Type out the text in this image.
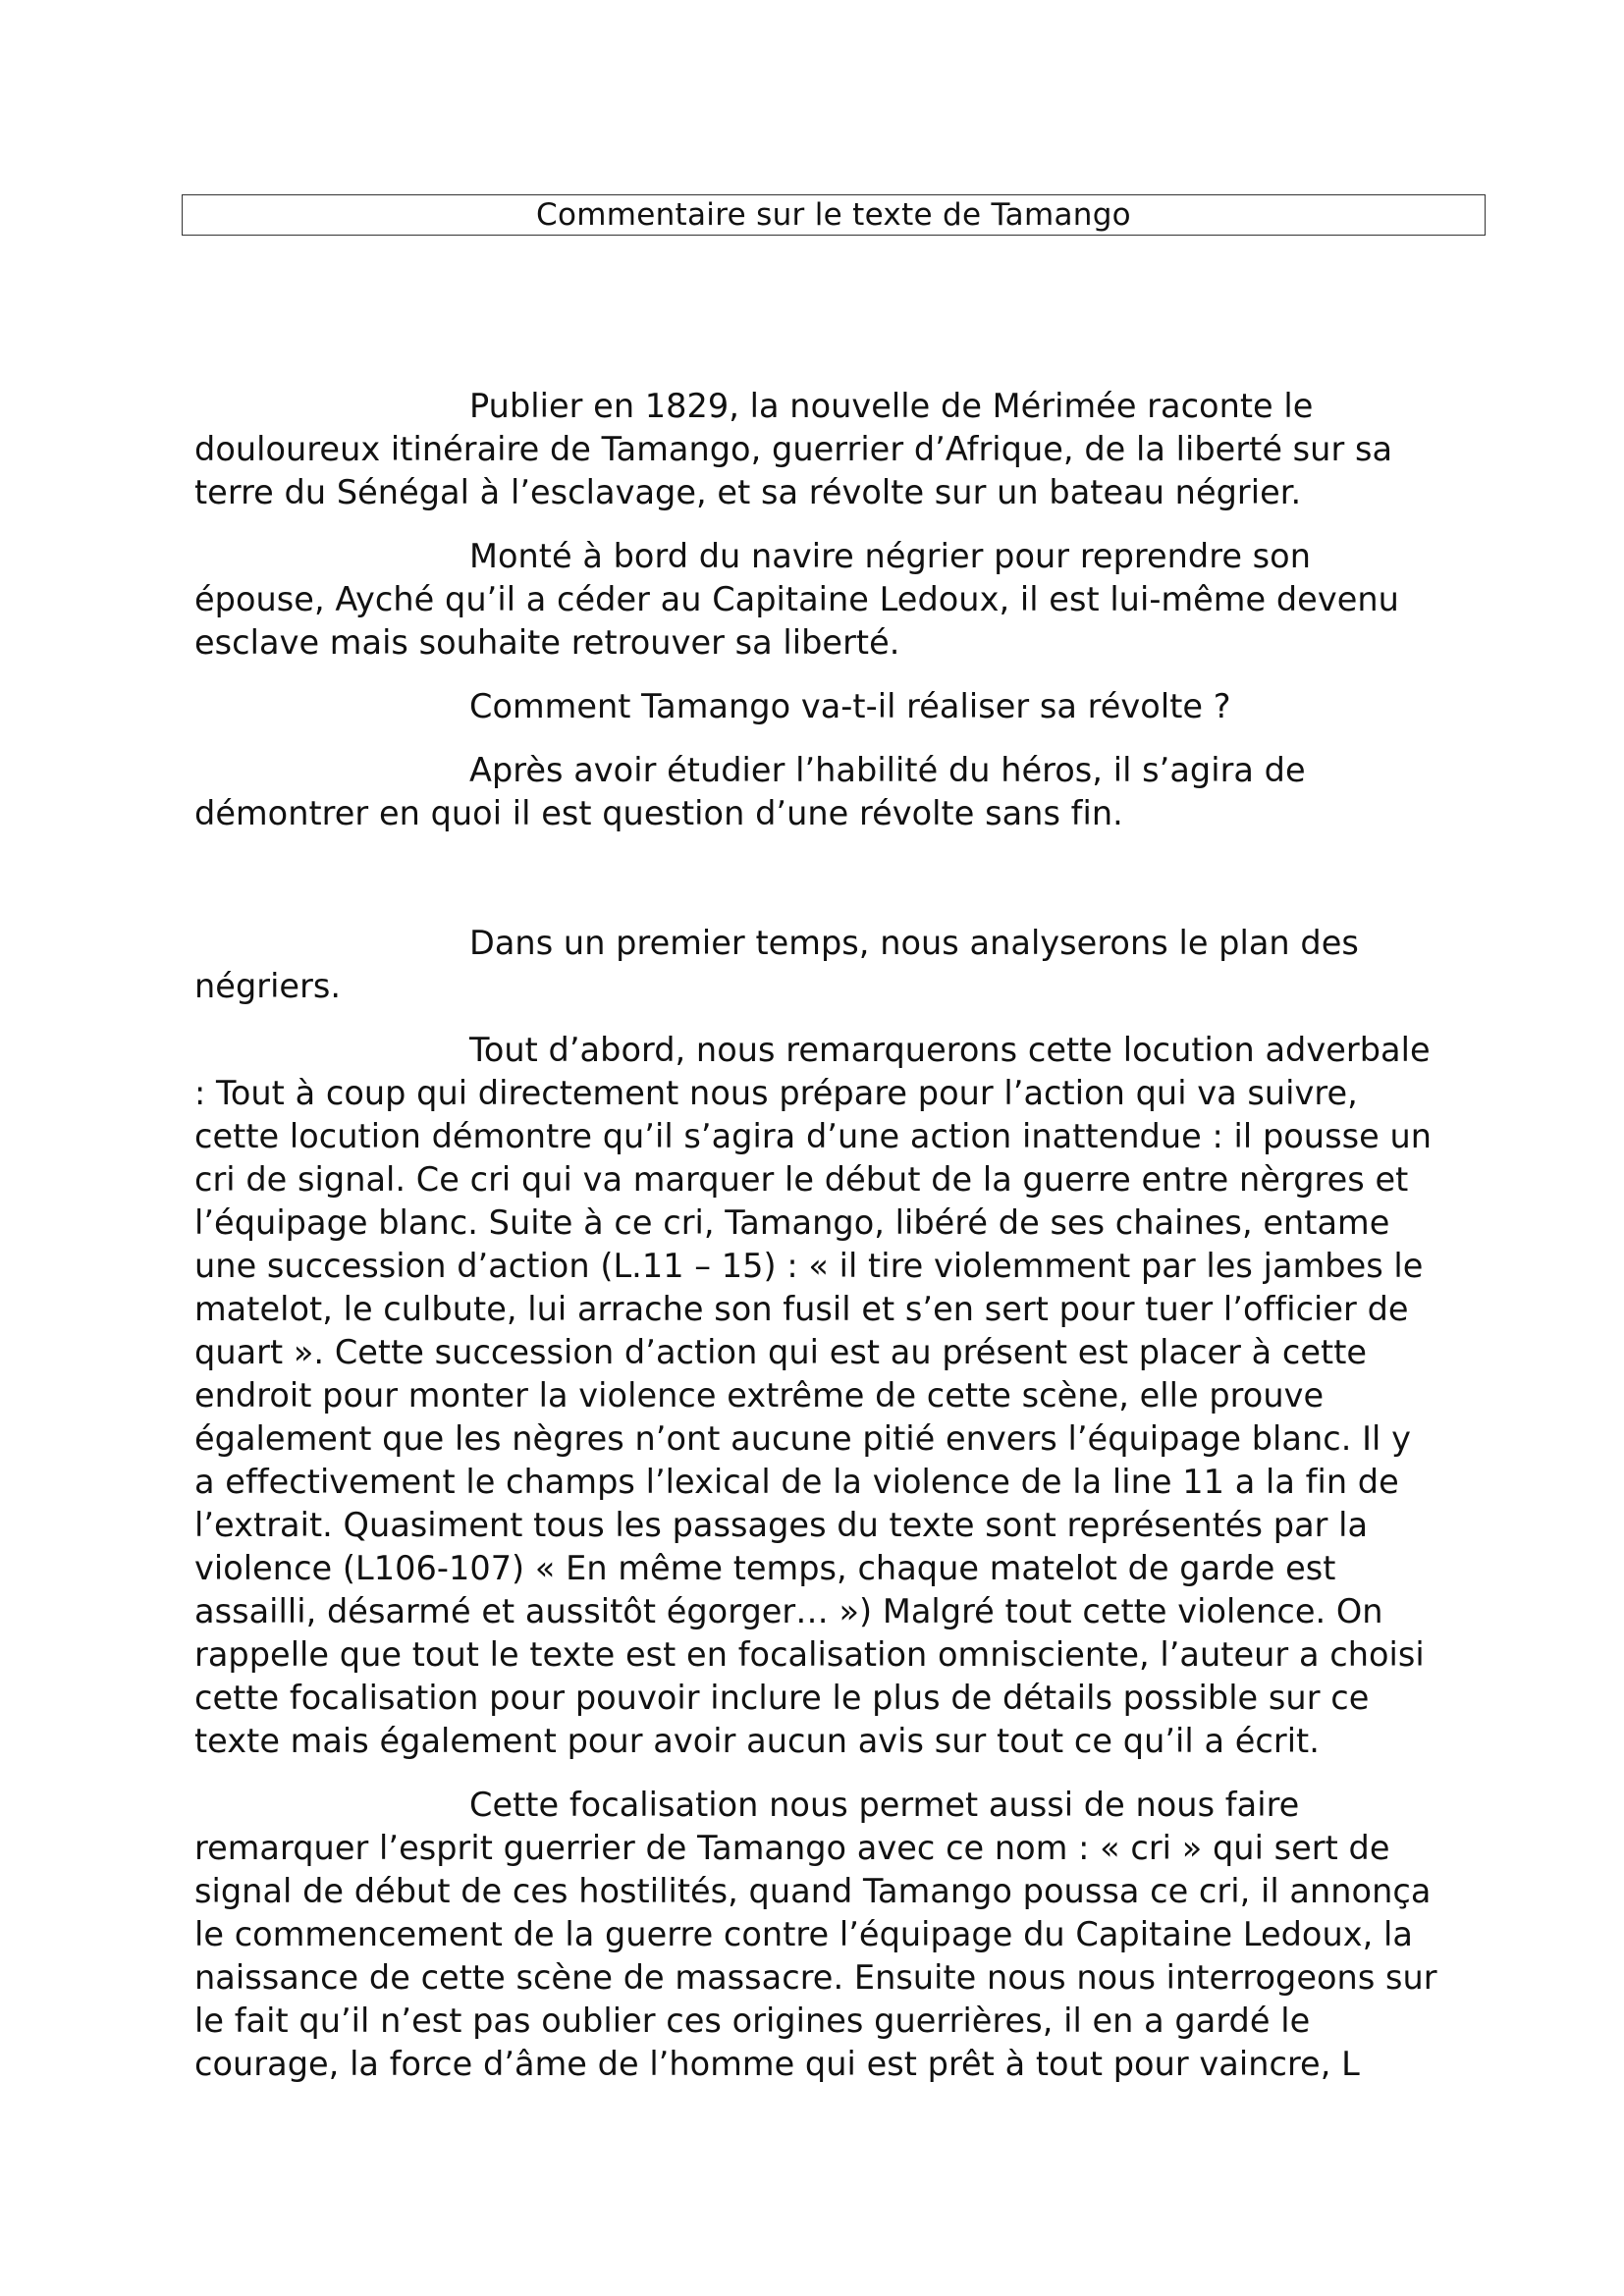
Commentaire sur le texte de Tamango

Publier en 1829, la nouvelle de Mérimée raconte le douloureux itinéraire de Tamango, guerrier d’Afrique, de la liberté sur sa terre du Sénégal à l’esclavage, et sa révolte sur un bateau négrier.

Monté à bord du navire négrier pour reprendre son épouse, Ayché qu’il a céder au Capitaine Ledoux, il est lui-même devenu esclave mais souhaite retrouver sa liberté.

Comment Tamango va-t-il réaliser sa révolte ?

Après avoir étudier l’habilité du héros, il s’agira de démontrer en quoi il est question d’une révolte sans fin.

Dans un premier temps, nous analyserons le plan des négriers.

Tout d’abord, nous remarquerons cette locution adverbale : Tout à coup qui directement nous prépare pour l’action qui va suivre, cette locution démontre qu’il s’agira d’une action inattendue : il pousse un cri de signal. Ce cri qui va marquer le début de la guerre entre nèrgres et l’équipage blanc. Suite à ce cri, Tamango, libéré de ses chaines, entame une succession d’action (L.11 – 15) : « il tire violemment par les jambes le matelot, le culbute, lui arrache son fusil et s’en sert pour tuer l’officier de quart ». Cette succession d’action qui est au présent est placer à cette endroit pour monter la violence extrême de cette scène, elle prouve également que les nègres n’ont aucune pitié envers l’équipage blanc. Il y a effectivement le champs l’lexical de la violence de la line 11 a la fin de l’extrait. Quasiment tous les passages du texte sont représentés par la violence (L106-107) « En même temps, chaque matelot de garde est assailli, désarmé et aussitôt égorger… ») Malgré tout cette violence. On rappelle que tout le texte est en focalisation omnisciente, l’auteur a choisi cette focalisation pour pouvoir inclure le plus de détails possible sur ce texte mais également pour avoir aucun avis sur tout ce qu’il a écrit.

Cette focalisation nous permet aussi de nous faire remarquer l’esprit guerrier de Tamango avec ce nom : « cri » qui sert de signal de début de ces hostilités, quand Tamango poussa ce cri, il annonça le commencement de la guerre contre l’équipage du Capitaine Ledoux, la naissance de cette scène de massacre. Ensuite nous nous interrogeons sur le fait qu’il n’est pas oublier ces origines guerrières, il en a gardé le courage, la force d’âme de l’homme qui est prêt à tout pour vaincre, L
